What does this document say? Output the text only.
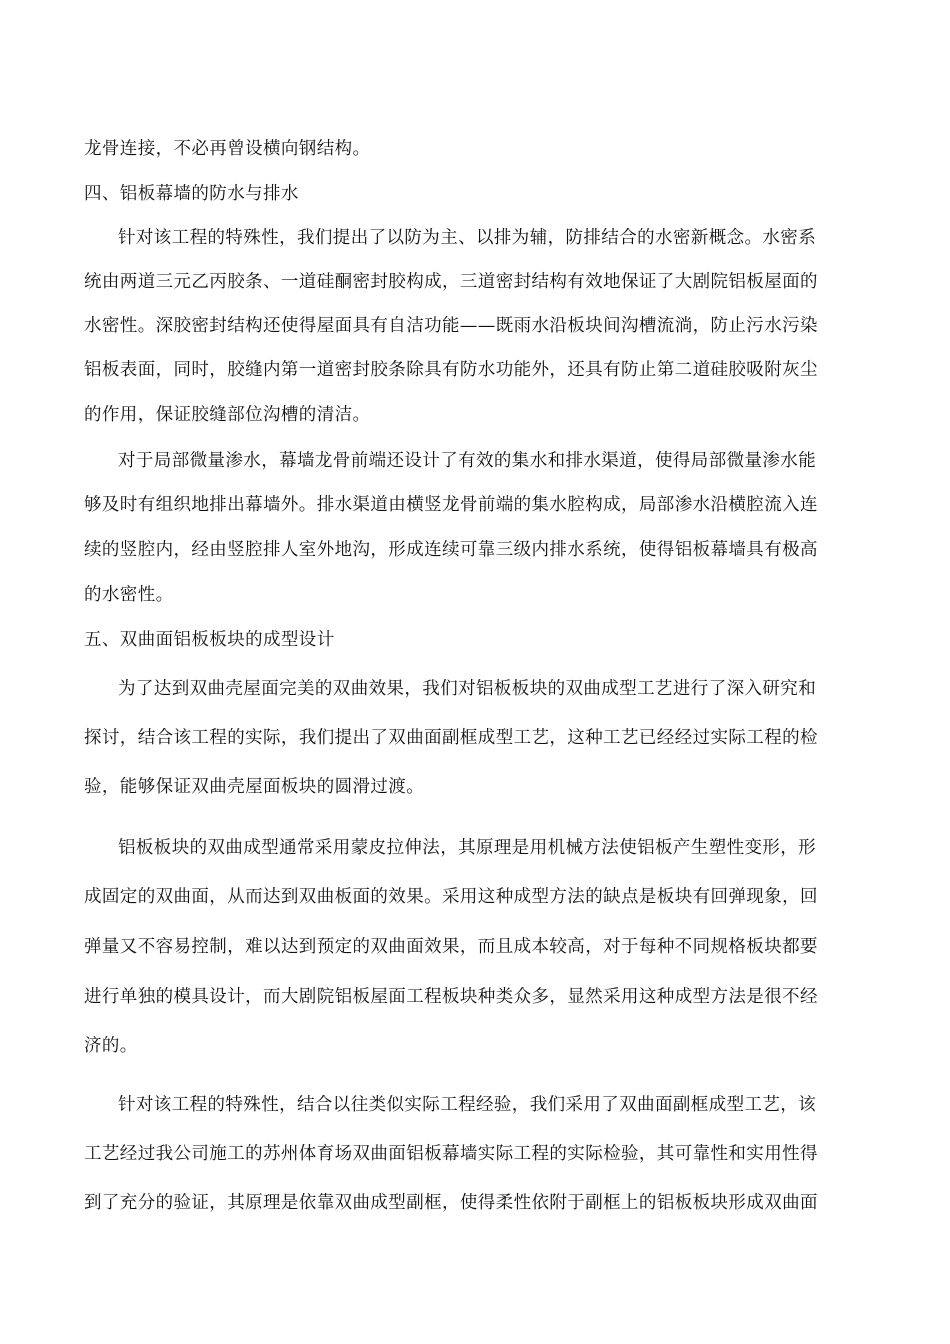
龙骨连接，不必再曾设横向钢结构。
四、铝板幕墙的防水与排水
针对该工程的特殊性，我们提出了以防为主、以排为辅，防排结合的水密新概念。水密系
统由两道三元乙丙胶条、一道硅酮密封胶构成，三道密封结构有效地保证了大剧院铝板屋面的
水密性。深胶密封结构还使得屋面具有自洁功能——既雨水沿板块间沟槽流淌，防止污水污染
铝板表面，同时，胶缝内第一道密封胶条除具有防水功能外，还具有防止第二道硅胶吸附灰尘
的作用，保证胶缝部位沟槽的清洁。
对于局部微量渗水，幕墙龙骨前端还设计了有效的集水和排水渠道，使得局部微量渗水能
够及时有组织地排出幕墙外。排水渠道由横竖龙骨前端的集水腔构成，局部渗水沿横腔流入连
续的竖腔内，经由竖腔排人室外地沟，形成连续可靠三级内排水系统，使得铝板幕墙具有极高
的水密性。
五、双曲面铝板板块的成型设计
为了达到双曲壳屋面完美的双曲效果，我们对铝板板块的双曲成型工艺进行了深入研究和
探讨，结合该工程的实际，我们提出了双曲面副框成型工艺，这种工艺已经经过实际工程的检
验，能够保证双曲壳屋面板块的圆滑过渡。
铝板板块的双曲成型通常采用蒙皮拉伸法，其原理是用机械方法使铝板产生塑性变形，形
成固定的双曲面，从而达到双曲板面的效果。采用这种成型方法的缺点是板块有回弹现象，回
弹量又不容易控制，难以达到预定的双曲面效果，而且成本较高，对于每种不同规格板块都要
进行单独的模具设计，而大剧院铝板屋面工程板块种类众多，显然采用这种成型方法是很不经
济的。
针对该工程的特殊性，结合以往类似实际工程经验，我们采用了双曲面副框成型工艺，该
工艺经过我公司施工的苏州体育场双曲面铝板幕墙实际工程的实际检验，其可靠性和实用性得
到了充分的验证，其原理是依靠双曲成型副框，使得柔性依附于副框上的铝板板块形成双曲面
